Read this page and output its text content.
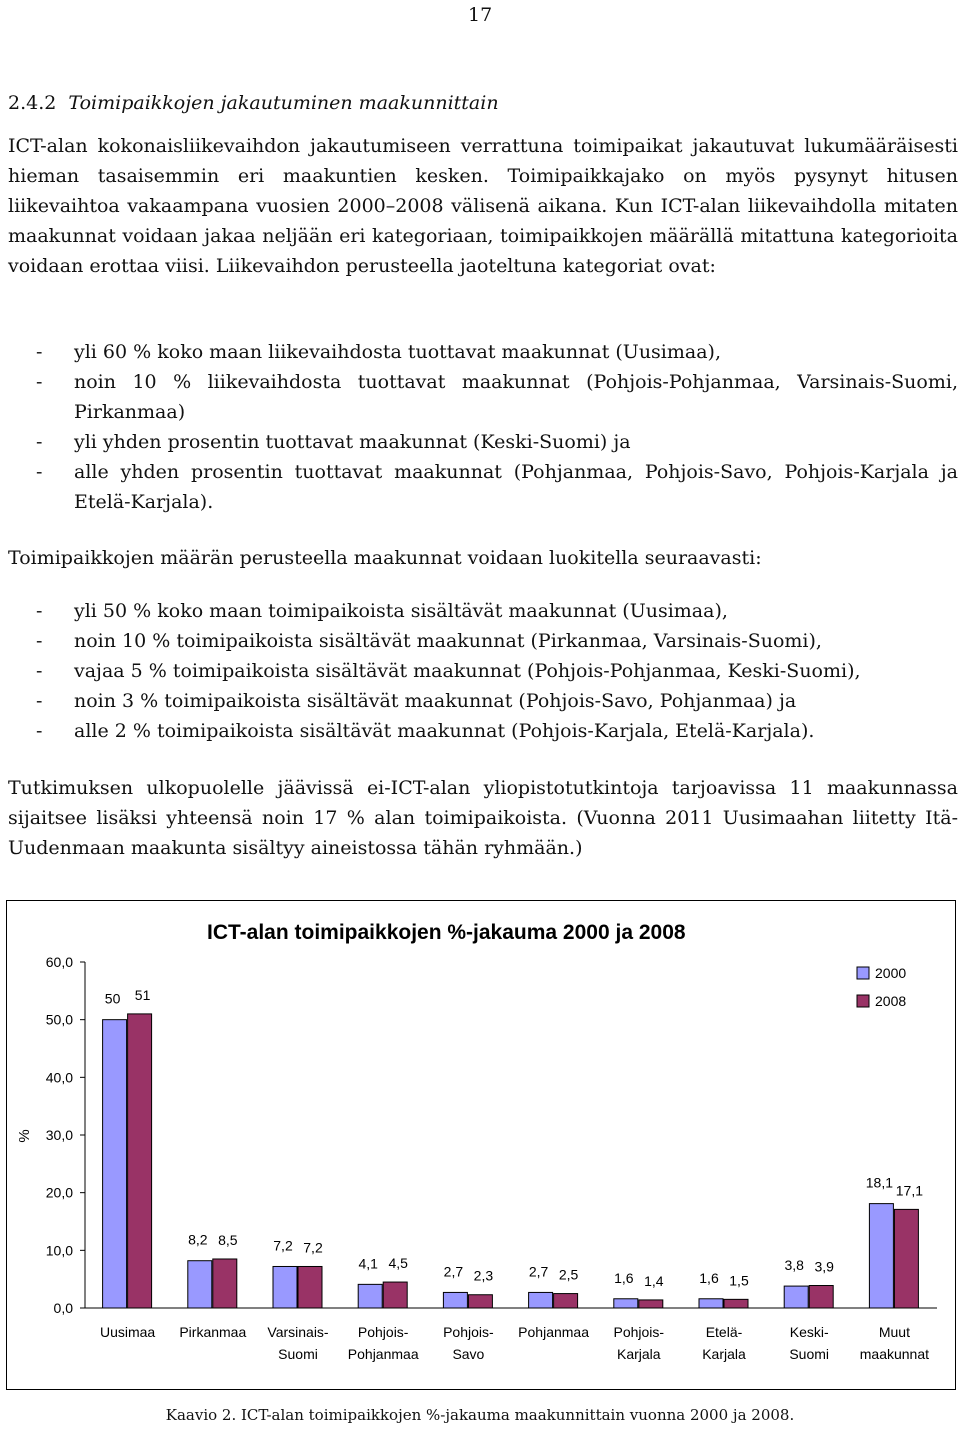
17
2.4.2 Toimipaikkojen jakautuminen maakunnittain

ICT-alan kokonaisliikevaihdon jakautumiseen verrattuna toimipaikat jakautuvat lukumääräisesti hieman tasaisemmin eri maakuntien kesken. Toimipaikkajako on myös pysynyt hitusen liikevaihtoa vakaampana vuosien 2000–2008 välisenä aikana. Kun ICT-alan liikevaihdolla mitaten maakunnat voidaan jakaa neljään eri kategoriaan, toimipaikkojen määrällä mitattuna kategorioita voidaan erottaa viisi. Liikevaihdon perusteella jaoteltuna kategoriat ovat:

- yli 60 % koko maan liikevaihdosta tuottavat maakunnat (Uusimaa),
- noin 10 % liikevaihdosta tuottavat maakunnat (Pohjois-Pohjanmaa, Varsinais-Suomi, Pirkanmaa)
- yli yhden prosentin tuottavat maakunnat (Keski-Suomi) ja
- alle yhden prosentin tuottavat maakunnat (Pohjanmaa, Pohjois-Savo, Pohjois-Karjala ja Etelä-Karjala).

Toimipaikkojen määrän perusteella maakunnat voidaan luokitella seuraavasti:

- yli 50 % koko maan toimipaikoista sisältävät maakunnat (Uusimaa),
- noin 10 % toimipaikoista sisältävät maakunnat (Pirkanmaa, Varsinais-Suomi),
- vajaa 5 % toimipaikoista sisältävät maakunnat (Pohjois-Pohjanmaa, Keski-Suomi),
- noin 3 % toimipaikoista sisältävät maakunnat (Pohjois-Savo, Pohjanmaa) ja
- alle 2 % toimipaikoista sisältävät maakunnat (Pohjois-Karjala, Etelä-Karjala).

Tutkimuksen ulkopuolelle jäävissä ei-ICT-alan yliopistotutkintoja tarjoavissa 11 maakunnassa sijaitsee lisäksi yhteensä noin 17 % alan toimipaikoista. (Vuonna 2011 Uusimaahan liitetty Itä-Uudenmaan maakunta sisältyy aineistossa tähän ryhmään.)

ICT-alan toimipaikkojen %-jakauma 2000 ja 2008
%
0,0
10,0
20,0
30,0
40,0
50,0
60,0
50 51
Uusimaa
8,2 8,5
Pirkanmaa
7,2 7,2
Varsinais-
Suomi
4,1 4,5
Pohjois-
Pohjanmaa
2,7 2,3
Pohjois-
Savo
2,7 2,5
Pohjanmaa
1,6 1,4
Pohjois-
Karjala
1,6 1,5
Etelä-
Karjala
3,8 3,9
Keski-
Suomi
18,1 17,1
Muut
maakunnat
2000
2008
Kaavio 2. ICT-alan toimipaikkojen %-jakauma maakunnittain vuonna 2000 ja 2008.
